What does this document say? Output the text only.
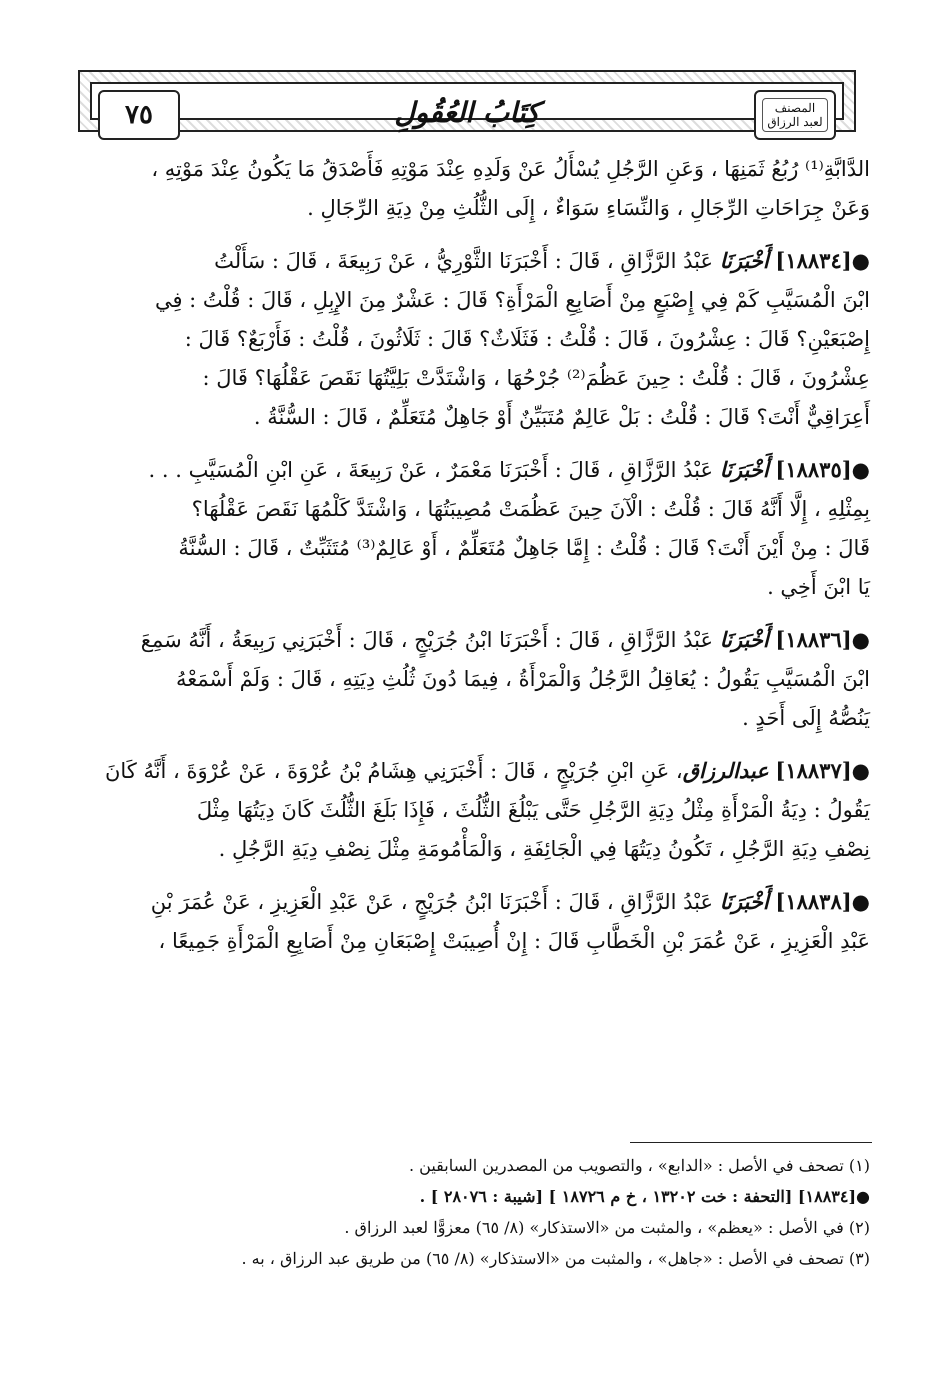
٧٥	كِتَابُ العُقُولِ	المصنف
لعبد الرزاق

الدَّابَّةِ⁽¹⁾ رُبُعُ ثَمَنِهَا ، وَعَنِ الرَّجُلِ يُسْأَلُ عَنْ وَلَدِهِ عِنْدَ مَوْتِهِ فَأَصْدَقُ مَا يَكُونُ عِنْدَ مَوْتِهِ ،

وَعَنْ جِرَاحَاتِ الرِّجَالِ ، وَالنِّسَاءِ سَوَاءٌ ، إِلَى الثُّلُثِ مِنْ دِيَةِ الرِّجَالِ .

●[١٨٨٣٤] أَخْبَرَنَا عَبْدُ الرَّزَّاقِ ، قَالَ : أَخْبَرَنَا الثَّوْرِيُّ ، عَنْ رَبِيعَةَ ، قَالَ : سَأَلْتُ

ابْنَ الْمُسَيَّبِ كَمْ فِي إِصْبَعٍ مِنْ أَصَابِعِ الْمَرْأَةِ؟ قَالَ : عَشْرٌ مِنَ الإِبِلِ ، قَالَ : قُلْتُ : فِي

إِصْبَعَيْنِ؟ قَالَ : عِشْرُونَ ، قَالَ : قُلْتُ : فَثَلَاثٌ؟ قَالَ : ثَلَاثُونَ ، قُلْتُ : فَأَرْبَعٌ؟ قَالَ :

عِشْرُونَ ، قَالَ : قُلْتُ : حِينَ عَظُمَ⁽²⁾ جُرْحُهَا ، وَاشْتَدَّتْ بَلِيَّتُهَا نَقَصَ عَقْلُهَا؟ قَالَ :

أَعِرَاقِيٌّ أَنْتَ؟ قَالَ : قُلْتُ : بَلْ عَالِمٌ مُتَبَيِّنٌ أَوْ جَاهِلٌ مُتَعَلِّمٌ ، قَالَ : السُّنَّةُ .

●[١٨٨٣٥] أَخْبَرَنَا عَبْدُ الرَّزَّاقِ ، قَالَ : أَخْبَرَنَا مَعْمَرٌ ، عَنْ رَبِيعَةَ ، عَنِ ابْنِ الْمُسَيَّبِ . . .

بِمِثْلِهِ ، إِلَّا أَنَّهُ قَالَ : قُلْتُ : الْآنَ حِينَ عَظُمَتْ مُصِيبَتُهَا ، وَاشْتَدَّ كَلْمُهَا نَقَصَ عَقْلُهَا؟

قَالَ : مِنْ أَيْنَ أَنْتَ؟ قَالَ : قُلْتُ : إِمَّا جَاهِلٌ مُتَعَلِّمٌ ، أَوْ عَالِمٌ⁽³⁾ مُتَثَبِّتٌ ، قَالَ : السُّنَّةُ

يَا ابْنَ أَخِي .

●[١٨٨٣٦] أَخْبَرَنَا عَبْدُ الرَّزَّاقِ ، قَالَ : أَخْبَرَنَا ابْنُ جُرَيْجٍ ، قَالَ : أَخْبَرَنِي رَبِيعَةُ ، أَنَّهُ سَمِعَ

ابْنَ الْمُسَيَّبِ يَقُولُ : يُعَاقِلُ الرَّجُلُ وَالْمَرْأَةُ ، فِيمَا دُونَ ثُلُثِ دِيَتِهِ ، قَالَ : وَلَمْ أَسْمَعْهُ

يَنُصُّهُ إِلَى أَحَدٍ .

●[١٨٨٣٧] عبدالرزاق، عَنِ ابْنِ جُرَيْجٍ ، قَالَ : أَخْبَرَنِي هِشَامُ بْنُ عُرْوَةَ ، عَنْ عُرْوَةَ ، أَنَّهُ كَانَ

يَقُولُ : دِيَةُ الْمَرْأَةِ مِثْلُ دِيَةِ الرَّجُلِ حَتَّى يَبْلُغَ الثُّلُثَ ، فَإِذَا بَلَغَ الثُّلُثَ كَانَ دِيَتُهَا مِثْلَ

نِصْفِ دِيَةِ الرَّجُلِ ، تَكُونُ دِيَتُهَا فِي الْجَائِفَةِ ، وَالْمَأْمُومَةِ مِثْلَ نِصْفِ دِيَةِ الرَّجُلِ .

●[١٨٨٣٨] أَخْبَرَنَا عَبْدُ الرَّزَّاقِ ، قَالَ : أَخْبَرَنَا ابْنُ جُرَيْجٍ ، عَنْ عَبْدِ الْعَزِيزِ ، عَنْ عُمَرَ بْنِ

عَبْدِ الْعَزِيزِ ، عَنْ عُمَرَ بْنِ الْخَطَّابِ قَالَ : إِنْ أُصِيبَتْ إِصْبَعَانِ مِنْ أَصَابِعِ الْمَرْأَةِ جَمِيعًا ،

(١) تصحف في الأصل : «الدابع» ، والتصويب من المصدرين السابقين .

●[١٨٨٣٤] [التحفة : خت ١٣٢٠٢ ، خ م ١٨٧٢٦ ] [شيبة : ٢٨٠٧٦ ] .

(٢) في الأصل : «يعظم» ، والمثبت من «الاستذكار» (٨/ ٦٥) معزوًّا لعبد الرزاق .

(٣) تصحف في الأصل : «جاهل» ، والمثبت من «الاستذكار» (٨/ ٦٥) من طريق عبد الرزاق ، به .
